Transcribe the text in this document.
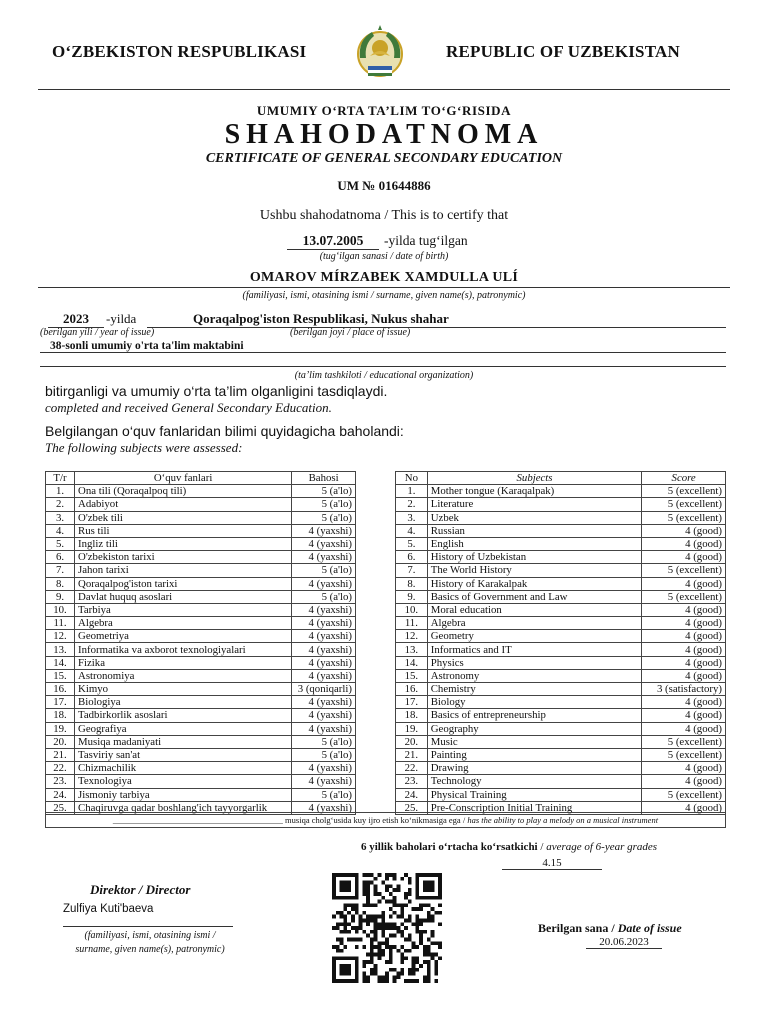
O‘ZBEKISTON RESPUBLIKASI	REPUBLIC OF UZBEKISTAN
UMUMIY O‘RTA TA’LIM TO‘G‘RISIDA
SHAHODATNOMA
CERTIFICATE OF GENERAL SECONDARY EDUCATION
UM № 01644886
Ushbu shahodatnoma / This is to certify that
13.07.2005	-yilda tug‘ilgan
(tug‘ilgan sanasi / date of birth)
OMAROV MÍRZABEK XAMDULLA ULÍ
(familiyasi, ismi, otasining ismi / surname, given name(s), patronymic)
2023	-yilda	Qoraqalpog'iston Respublikasi, Nukus shahar
(berilgan yili / year of issue)	(berilgan joyi / place of issue)
38-sonli umumiy o'rta ta'lim maktabini
(ta’lim tashkiloti / educational organization)
bitirganligi va umumiy o‘rta ta’lim olganligini tasdiqlaydi.
completed and received General Secondary Education.
Belgilangan o‘quv fanlaridan bilimi quyidagicha baholandi:
The following subjects were assessed:
T/r	O‘quv fanlari	Bahosi
1.	Ona tili (Qoraqalpoq tili)	5 (a'lo)
2.	Adabiyot	5 (a'lo)
3.	O'zbek tili	5 (a'lo)
4.	Rus tili	4 (yaxshi)
5.	Ingliz tili	4 (yaxshi)
6.	O'zbekiston tarixi	4 (yaxshi)
7.	Jahon tarixi	5 (a'lo)
8.	Qoraqalpog'iston tarixi	4 (yaxshi)
9.	Davlat huquq asoslari	5 (a'lo)
10.	Tarbiya	4 (yaxshi)
11.	Algebra	4 (yaxshi)
12.	Geometriya	4 (yaxshi)
13.	Informatika va axborot texnologiyalari	4 (yaxshi)
14.	Fizika	4 (yaxshi)
15.	Astronomiya	4 (yaxshi)
16.	Kimyo	3 (qoniqarli)
17.	Biologiya	4 (yaxshi)
18.	Tadbirkorlik asoslari	4 (yaxshi)
19.	Geografiya	4 (yaxshi)
20.	Musiqa madaniyati	5 (a'lo)
21.	Tasviriy san'at	5 (a'lo)
22.	Chizmachilik	4 (yaxshi)
23.	Texnologiya	4 (yaxshi)
24.	Jismoniy tarbiya	5 (a'lo)
25.	Chaqiruvga qadar boshlang'ich tayyorgarlik	4 (yaxshi)
No	Subjects	Score
1.	Mother tongue (Karaqalpak)	5 (excellent)
2.	Literature	5 (excellent)
3.	Uzbek	5 (excellent)
4.	Russian	4 (good)
5.	English	4 (good)
6.	History of Uzbekistan	4 (good)
7.	The World History	5 (excellent)
8.	History of Karakalpak	4 (good)
9.	Basics of Government and Law	5 (excellent)
10.	Moral education	4 (good)
11.	Algebra	4 (good)
12.	Geometry	4 (good)
13.	Informatics and IT	4 (good)
14.	Physics	4 (good)
15.	Astronomy	4 (good)
16.	Chemistry	3 (satisfactory)
17.	Biology	4 (good)
18.	Basics of entrepreneurship	4 (good)
19.	Geography	4 (good)
20.	Music	5 (excellent)
21.	Painting	5 (excellent)
22.	Drawing	4 (good)
23.	Technology	4 (good)
24.	Physical Training	5 (excellent)
25.	Pre-Conscription Initial Training	4 (good)
________________________________________ musiqa cholg‘usida kuy ijro etish ko‘nikmasiga ega / has the ability to play a melody on a musical instrument
6 yillik baholari o‘rtacha ko‘rsatkichi / average of 6-year grades
4.15
Direktor / Director
Zulfiya Kuti'baeva
(familiyasi, ismi, otasining ismi /
surname, given name(s), patronymic)
Berilgan sana / Date of issue
20.06.2023
